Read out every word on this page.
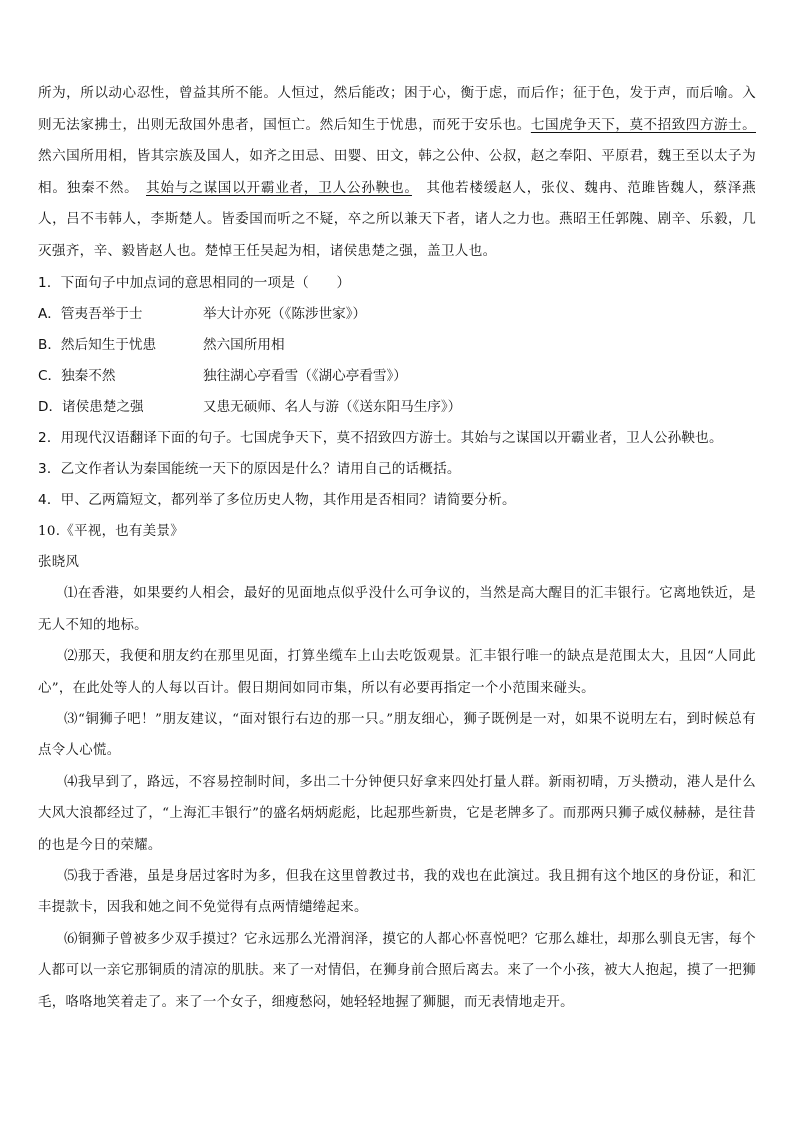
所为，所以动心忍性，曾益其所不能。人恒过，然后能改；困于心，衡于虑，而后作；征于色，发于声，而后喻。入则无法家拂士，出则无敌国外患者，国恒亡。然后知生于忧患，而死于安乐也。七国虎争天下，莫不招致四方游士。然六国所用相，皆其宗族及国人，如齐之田忌、田婴、田文，韩之公仲、公叔，赵之奉阳、平原君，魏王至以太子为相。独秦不然。　 其始与之谋国以开霸业者，卫人公孙鞅也。　 其他若楼缓赵人，张仪、魏冉、范雎皆魏人，蔡泽燕人，吕不韦韩人，李斯楚人。皆委国而听之不疑，卒之所以兼天下者，诸人之力也。燕昭王任郭隗、剧辛、乐毅，几灭强齐，辛、毅皆赵人也。楚悼王任吴起为相，诸侯患楚之强，盖卫人也。

1．下面句子中加点词的意思相同的一项是（　　）

A．管夷吾举于士	举大计亦死（《陈涉世家》）
B．然后知生于忧患	然六国所用相
C．独秦不然	独往湖心亭看雪（《湖心亭看雪》）
D．诸侯患楚之强	又患无硕师、名人与游（《送东阳马生序》）

2．用现代汉语翻译下面的句子。七国虎争天下，莫不招致四方游士。其始与之谋国以开霸业者，卫人公孙鞅也。

3．乙文作者认为秦国能统一天下的原因是什么？请用自己的话概括。

4．甲、乙两篇短文，都列举了多位历史人物，其作用是否相同？请简要分析。

10.《平视，也有美景》

张晓风

⑴在香港，如果要约人相会，最好的见面地点似乎没什么可争议的，当然是高大醒目的汇丰银行。它离地铁近，是无人不知的地标。

⑵那天，我便和朋友约在那里见面，打算坐缆车上山去吃饭观景。汇丰银行唯一的缺点是范围太大，且因“人同此心”，在此处等人的人每以百计。假日期间如同市集，所以有必要再指定一个小范围来碰头。

⑶“铜狮子吧！”朋友建议，“面对银行右边的那一只。”朋友细心，狮子既例是一对，如果不说明左右，到时候总有点令人心慌。

⑷我早到了，路远，不容易控制时间，多出二十分钟便只好拿来四处打量人群。新雨初晴，万头攒动，港人是什么大风大浪都经过了，“上海汇丰银行”的盛名炳炳彪彪，比起那些新贵，它是老牌多了。而那两只狮子威仪赫赫，是往昔的也是今日的荣耀。

⑸我于香港，虽是身居过客时为多，但我在这里曾教过书，我的戏也在此演过。我且拥有这个地区的身份证，和汇丰提款卡，因我和她之间不免觉得有点两情缱绻起来。

⑹铜狮子曾被多少双手摸过？它永远那么光滑润泽，摸它的人都心怀喜悦吧？它那么雄壮，却那么驯良无害，每个人都可以一亲它那铜质的清凉的肌肤。来了一对情侣，在狮身前合照后离去。来了一个小孩，被大人抱起，摸了一把狮毛，咯咯地笑着走了。来了一个女子，细瘦愁闷，她轻轻地握了狮腿，而无表情地走开。
